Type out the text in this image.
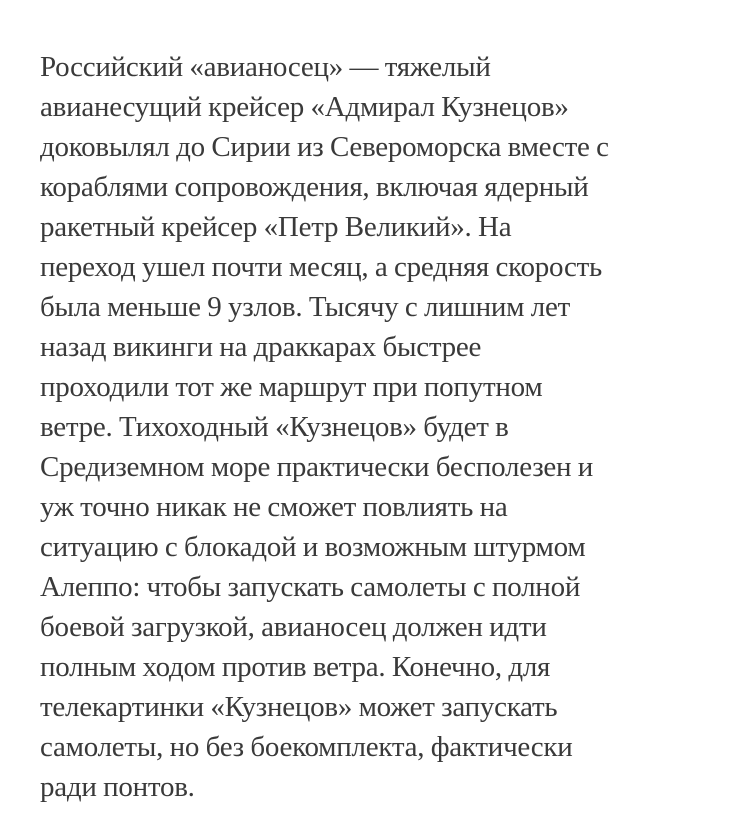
Российский «авианосец» — тяжелый
авианесущий крейсер «Адмирал Кузнецов»
доковылял до Сирии из Североморска вместе с
кораблями сопровождения, включая ядерный
ракетный крейсер «Петр Великий». На
переход ушел почти месяц, а средняя скорость
была меньше 9 узлов. Тысячу с лишним лет
назад викинги на драккарах быстрее
проходили тот же маршрут при попутном
ветре. Тихоходный «Кузнецов» будет в
Средиземном море практически бесполезен и
уж точно никак не сможет повлиять на
ситуацию с блокадой и возможным штурмом
Алеппо: чтобы запускать самолеты с полной
боевой загрузкой, авианосец должен идти
полным ходом против ветра. Конечно, для
телекартинки «Кузнецов» может запускать
самолеты, но без боекомплекта, фактически
ради понтов.
